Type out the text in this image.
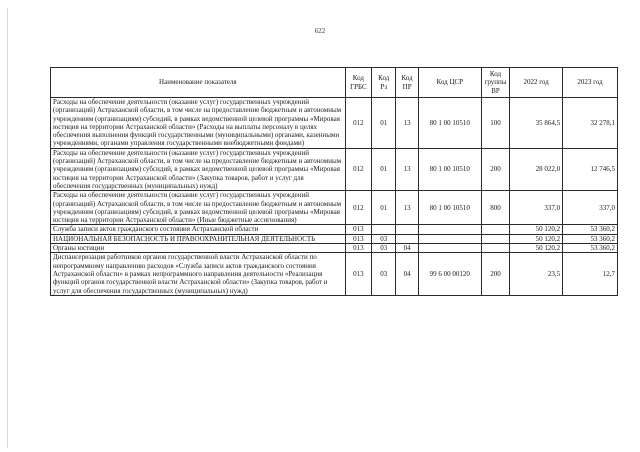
622
Наименование показателя	Код ГРБС	Код Рз	Код ПР	Код ЦСР	Код группы ВР	2022 год	2023 год
Расходы на обеспечение деятельности (оказание услуг) государственных учреждений (организаций) Астраханской области, в том числе на предоставление бюджетным и автономным учреждениям (организациям) субсидий, в рамках ведомственной целевой программы «Мировая юстиция на территории Астраханской области» (Расходы на выплаты персоналу в целях обеспечения выполнения функций государственными (муниципальными) органами, казенными учреждениями, органами управления государственными внебюджетными фондами)	012	01	13	80 1 00 10510	100	35 864,5	32 278,1
Расходы на обеспечение деятельности (оказание услуг) государственных учреждений (организаций) Астраханской области, в том числе на предоставление бюджетным и автономным учреждениям (организациям) субсидий, в рамках ведомственной целевой программы «Мировая юстиция на территории Астраханской области» (Закупка товаров, работ и услуг для обеспечения государственных (муниципальных) нужд)	012	01	13	80 1 00 10510	200	28 022,0	12 746,5
Расходы на обеспечение деятельности (оказание услуг) государственных учреждений (организаций) Астраханской области, в том числе на предоставление бюджетным и автономным учреждениям (организациям) субсидий, в рамках ведомственной целевой программы «Мировая юстиция на территории Астраханской области» (Иные бюджетные ассигнования)	012	01	13	80 1 00 10510	800	337,0	337,0
Служба записи актов гражданского состояния Астраханской области	013					50 120,2	53 360,2
НАЦИОНАЛЬНАЯ БЕЗОПАСНОСТЬ И ПРАВООХРАНИТЕЛЬНАЯ ДЕЯТЕЛЬНОСТЬ	013	03				50 120,2	53 360,2
Органы юстиции	013	03	04			50 120,2	53 360,2
Диспансеризация работников органов государственной власти Астраханской области по непрограммному направлению расходов «Служба записи актов гражданского состояния Астраханской области» в рамках непрограммного направления деятельности «Реализация функций органов государственной власти Астраханской области» (Закупка товаров, работ и услуг для обеспечения государственных (муниципальных) нужд)	013	03	04	99 6 00 00120	200	23,5	12,7
